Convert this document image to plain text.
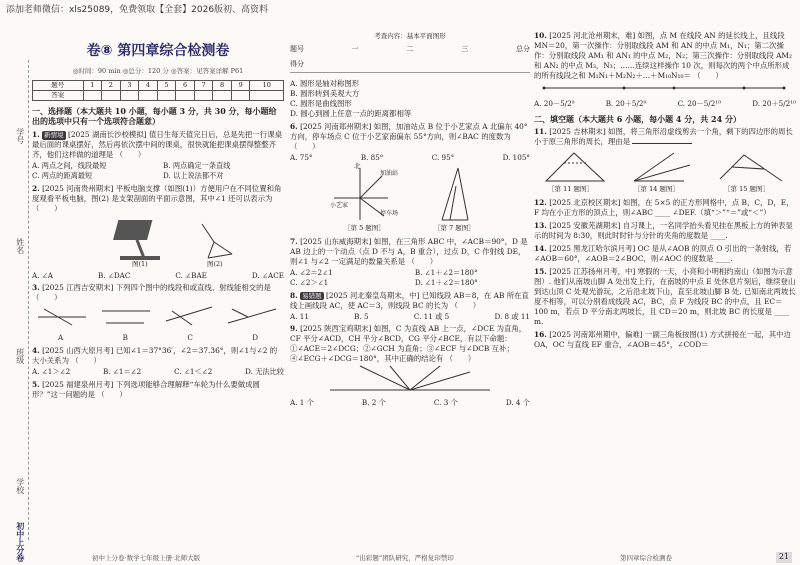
添加老师微信：xls25089，免费领取【全套】2026版初、高资料
学号
姓名
班级
学校
初中上分卷
卷⑧ 第四章综合检测卷
◎时间：90 min ◎总分：120 分 ◎答案：见答案详解 P61
题号	1	2	3	4	5	6	7	8	9	10
答案										
一、选择题（本大题共 10 小题，每小题 3 分，共 30 分，每小题给出的选项中只有一个选项符合题意）
1. 新情境 [2025 湖南长沙校模拟] 值日生每天值完日后，总是先把一行课桌最后面的课桌摆好，然后再依次摆中间的课桌，很快就能把课桌摆得整整齐齐，他们这样做的道理是 （　　）
A. 两点之间，线段最短	B. 两点确定一条直线
C. 两点的距离最短	D. 以上说法都不对
2. [2025 河南贵州期末] 平板电脑支撑（如图(1)）方便用户在不同位置和角度观看平板电脑，图(2) 是支架剖面的平面示意图，其中∠1 还可以表示为 （　　）
图(1)	图(2)
A. ∠A	B. ∠DAC	C. ∠BAE	D. ∠ACE
3. [2025 江西吉安期末] 下列四个图中的线段和或直线、射线能相交的是 （　　）
A	B	C	D
4. [2025 山西大原月考] 已知∠1＝37°36′，∠2＝37.36°，则∠1与∠2 的大小关系为 （　　）
A. ∠1＞∠2	B. ∠1＝∠2	C. ∠1＜∠2	D. 无法比较
5. [2025 福建泉州月考] 下列选项能够合理解释“车轮为什么要做成圆形？”这一问题的是 （　　）
初中上分卷·数学七年级上册·北师大版
考查内容：基本平面图形
题号	一	二	三	总分
得分
A. 圆形是轴对称图形
B. 圆形转到美观大方
C. 圆形是曲线图形
D. 圆心到圆上任意一点的距离都相等
6. [2025 河南郑州期末] 如图，加油站点 B 位于小艺家点 A 北偏东 40°方向，停车场点 C 位于小艺家南偏东 55°方向，则∠BAC 的度数为 （　　）
A. 75°	B. 85°	C. 95°	D. 105°
北
加油站
小艺家
停车场
［第 5 题图］	［第 7 题图］
7. [2025 山东威海期末] 如图，在三角形 ABC 中，∠ACB＝90°，D 是 AB 边上的一个动点（点 D 不与 A，B 重合），过点 D，C 作射线 DE，则∠1 与∠2 一定满足的数量关系是 （　　）
A. ∠2＝2∠1	B. ∠1＋∠2＝180°
C. ∠2＞∠1	D. ∠1＋∠2＝180°
8. 易错题 [2025 河北秦皇岛期末，中] 已知线段 AB＝8，在 AB 所在直线上画线段 AC，使 AC＝3，则线段 BC 的长为 （　　）
A. 11	B. 5	C. 11 或 5	D. 8 或 11
9. [2025 陕西宝鸡期末] 如图，C 为直线 AB 上一点，∠DCE 为直角，CF 平分∠ACD，CH 平分∠BCD，CG 平分∠BCE，有以下命题：①∠ACE＝2∠DCG；②∠GCH 为直角；③∠ECF 与∠DCB 互补；④∠ECG＋∠DCG＝180°，其中正确的结论有 （　　）
A. 1 个	B. 2 个	C. 3 个	D. 4 个
“出彩题”团队研究，严格复印禁印
10. [2025 河北沧州期末，难] 如图，点 M 在线段 AN 的延长线上，且线段 MN＝20，第一次操作：分别取线段 AM 和 AN 的中点 M₁，N₁；第二次操作：分别取线段 AM₁ 和 AN₁ 的中点 M₂，N₂；第三次操作：分别取线段 AM₂ 和 AN₂ 的中点 M₃，N₃；……连续这样操作 10 次，则每次的两个中点所形成的所有线段之和 M₁N₁＋M₂N₂＋…＋M₁₀N₁₀＝ （　　）
A. 20－5/2⁹	B. 20＋5/2⁹	C. 20－5/2¹⁰	D. 20＋5/2¹⁰
二、填空题（本大题共 6 小题，每小题 4 分，共 24 分）
11. [2025 吉林期末] 如图，将三角形沿虚线剪去一个角，剩下的四边形的周长小于原三角形的周长，理由是
［第 11 题图］	［第 14 题图］	［第 15 题图］
12. [2025 北京校区期末] 如图，在 5×5 的正方形网格中，点 B，C，D，E，F 均在小正方形的顶点上，则∠ABC ____ ∠DEF.（填“＞”“＝”或“＜”）
13. [2025 安徽芜湖期末] 自习课上，一名同学抬头看见挂在黑板上方的钟表显示的时间为 8:30，则此时时针与分针的夹角的度数是 ____.
14. [2025 黑龙江哈尔滨月考] OC 是从∠AOB 的顶点 O 引出的一条射线，若∠AOB＝60°，∠AOB＝2∠BOC，则∠AOC 的度数是 ____.
15. [2025 江苏扬州月考，中] 寒假的一天，小亮和小明相约南山（如图为示意图）. 他们从南坡山脚 A 处出发上行，在南坡的中点 E 处休息片刻后，继续登山到达山顶 C 处观光游玩，之后沿北坡下山，直至北坡山脚 B 处. 已知南北两坡长度不相等，可以分别看成线段 AC，BC，点 F 为线段 BC 的中点，且 EC＝100 m，若点 D 平分南北两坡长，且 CD＝20 m，则北坡 BC 的长度是 ____ m.
16. [2025 河南郑州期中，偏难] 一副三角板按图(1) 方式拼接在一起，其中边 OA，OC 与直线 EF 重合，∠AOB＝45°，∠COD＝
第四章综合检测卷	21
